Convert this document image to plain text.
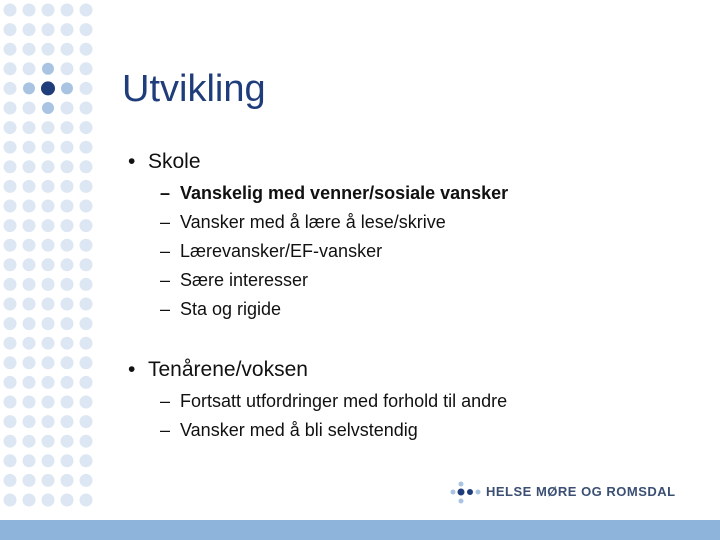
Utvikling
• Skole
– Vanskelig med venner/sosiale vansker
– Vansker med å lære å lese/skrive
– Lærevansker/EF-vansker
– Sære interesser
– Sta og rigide
• Tenårene/voksen
– Fortsatt utfordringer med forhold til andre
– Vansker med å bli selvstendig
HELSE MØRE OG ROMSDAL
